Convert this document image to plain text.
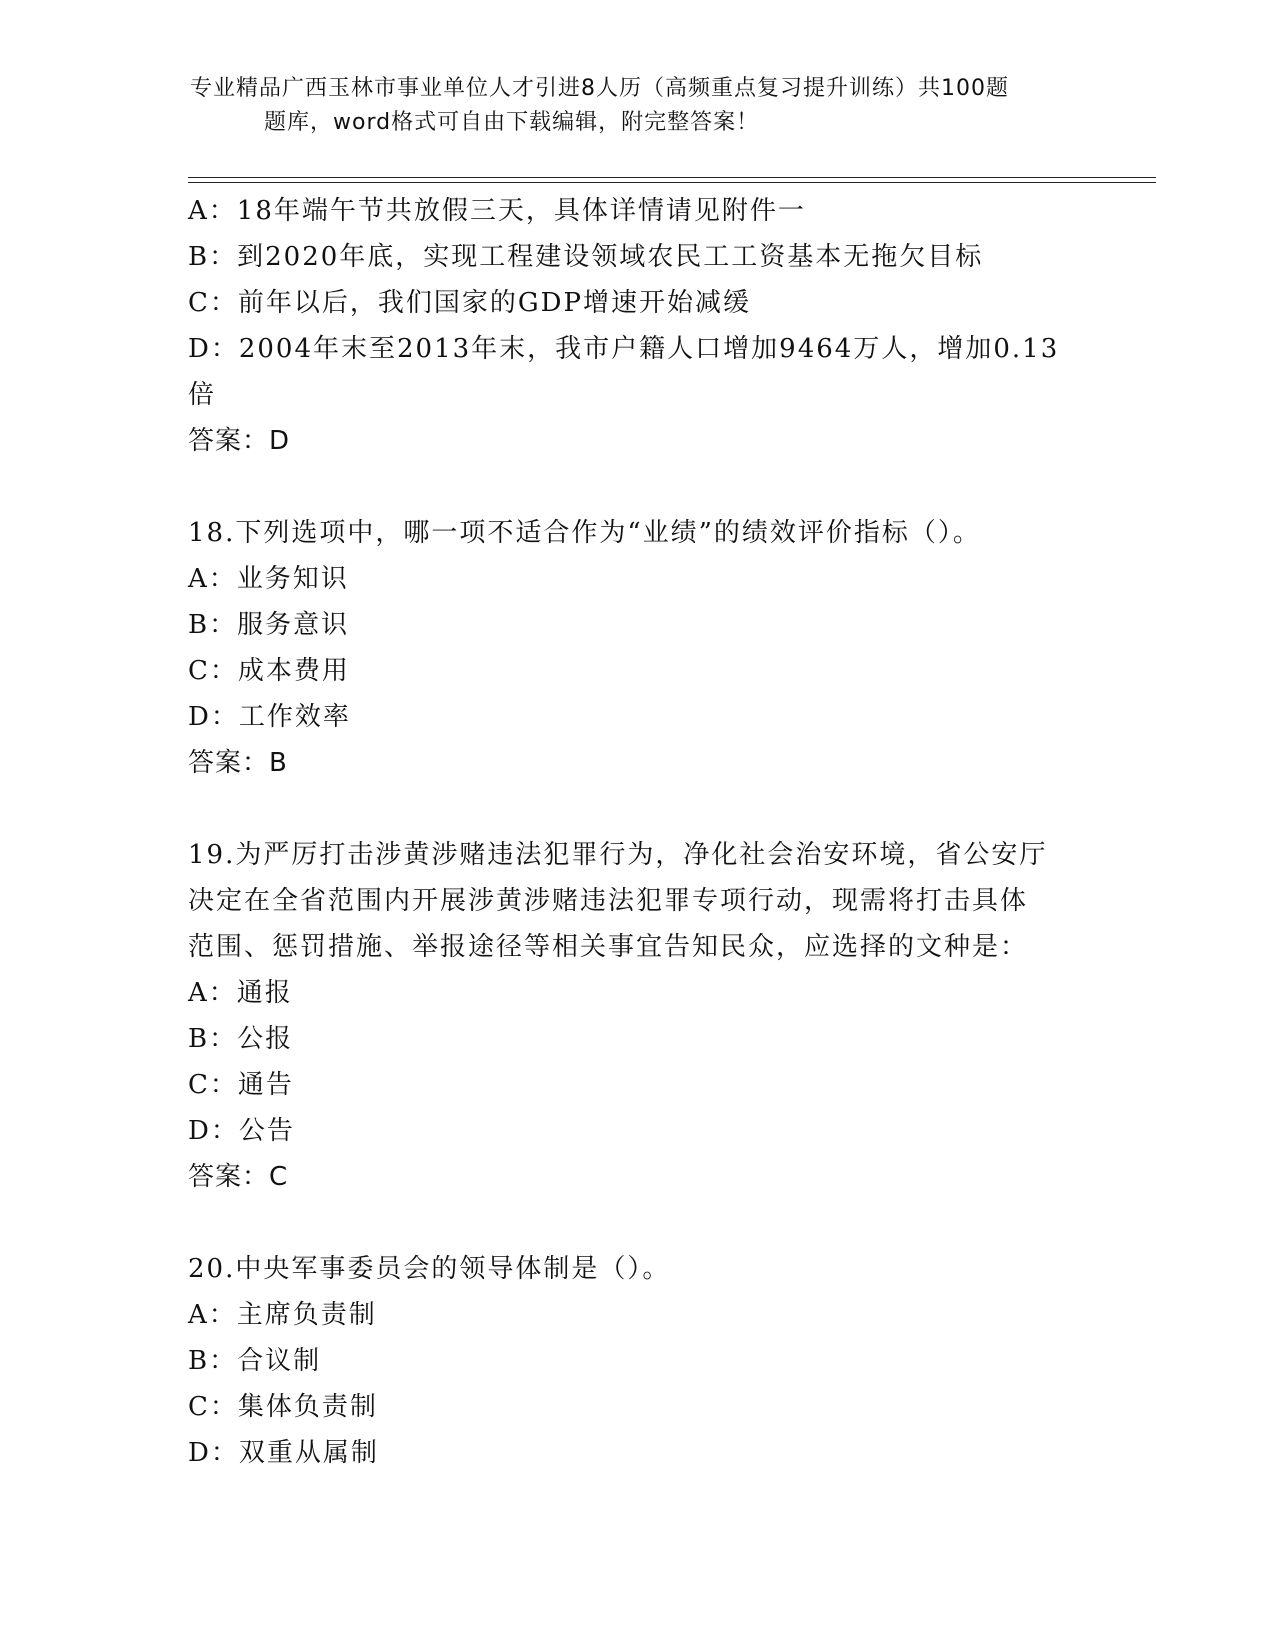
专业精品广西玉林市事业单位人才引进8人历（高频重点复习提升训练）共100题
题库，word格式可自由下载编辑，附完整答案！

A：18年端午节共放假三天，具体详情请见附件一

B：到2020年底，实现工程建设领域农民工工资基本无拖欠目标

C：前年以后，我们国家的GDP增速开始减缓

D：2004年末至2013年末，我市户籍人口增加9464万人，增加0.13

倍

答案：D

18.下列选项中，哪一项不适合作为“业绩”的绩效评价指标（）。

A：业务知识

B：服务意识

C：成本费用

D：工作效率

答案：B

19.为严厉打击涉黄涉赌违法犯罪行为，净化社会治安环境，省公安厅

决定在全省范围内开展涉黄涉赌违法犯罪专项行动，现需将打击具体

范围、惩罚措施、举报途径等相关事宜告知民众，应选择的文种是：

A：通报

B：公报

C：通告

D：公告

答案：C

20.中央军事委员会的领导体制是（）。

A：主席负责制

B：合议制

C：集体负责制

D：双重从属制
